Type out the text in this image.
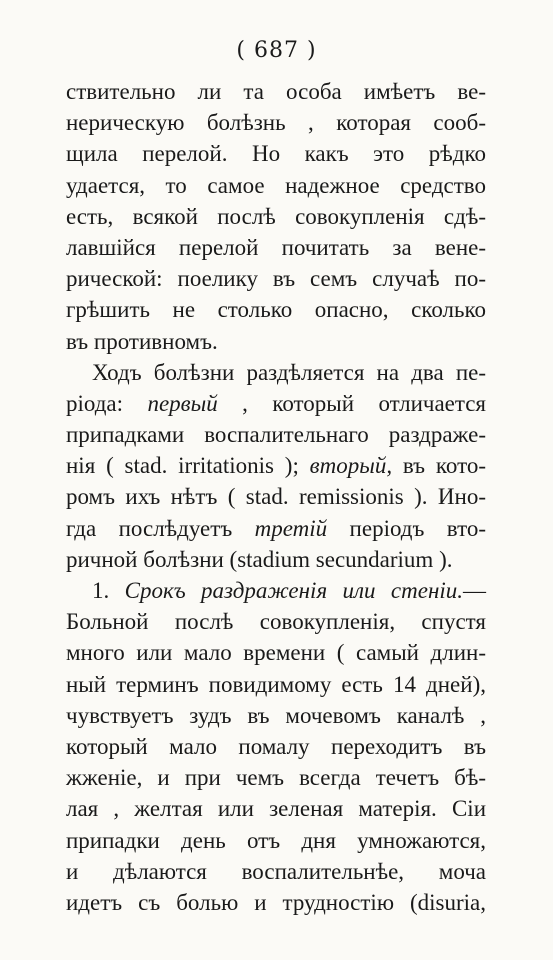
( 687 )
ствительно ли та особа имѣетъ ве-
нерическую болѣзнь , которая сооб-
щила перелой. Но какъ это рѣдко
удается, то самое надежное средство
есть, всякой послѣ совокупленія сдѣ-
лавшійся перелой почитать за вене-
рической: поелику въ семъ случаѣ по-
грѣшить не столько опасно, сколько
въ противномъ.
Ходъ болѣзни раздѣляется на два пе-
ріода: первый , который отличается
припадками воспалительнаго раздраже-
нія ( stad. irritationis ); вторый, въ кото-
ромъ ихъ нѣтъ ( stad. remissionis ). Ино-
гда послѣдуетъ третій періодъ вто-
ричной болѣзни (stadium secundarium ).
1. Срокъ раздраженія или стеніи.—
Больной послѣ совокупленія, спустя
много или мало времени ( самый длин-
ный терминъ повидимому есть 14 дней),
чувствуетъ зудъ въ мочевомъ каналѣ ,
который мало помалу переходитъ въ
жженіе, и при чемъ всегда течетъ бѣ-
лая , желтая или зеленая матерія. Сіи
припадки день отъ дня умножаются,
и дѣлаются воспалительнѣе, моча
идетъ съ болью и трудностію (disuria,
